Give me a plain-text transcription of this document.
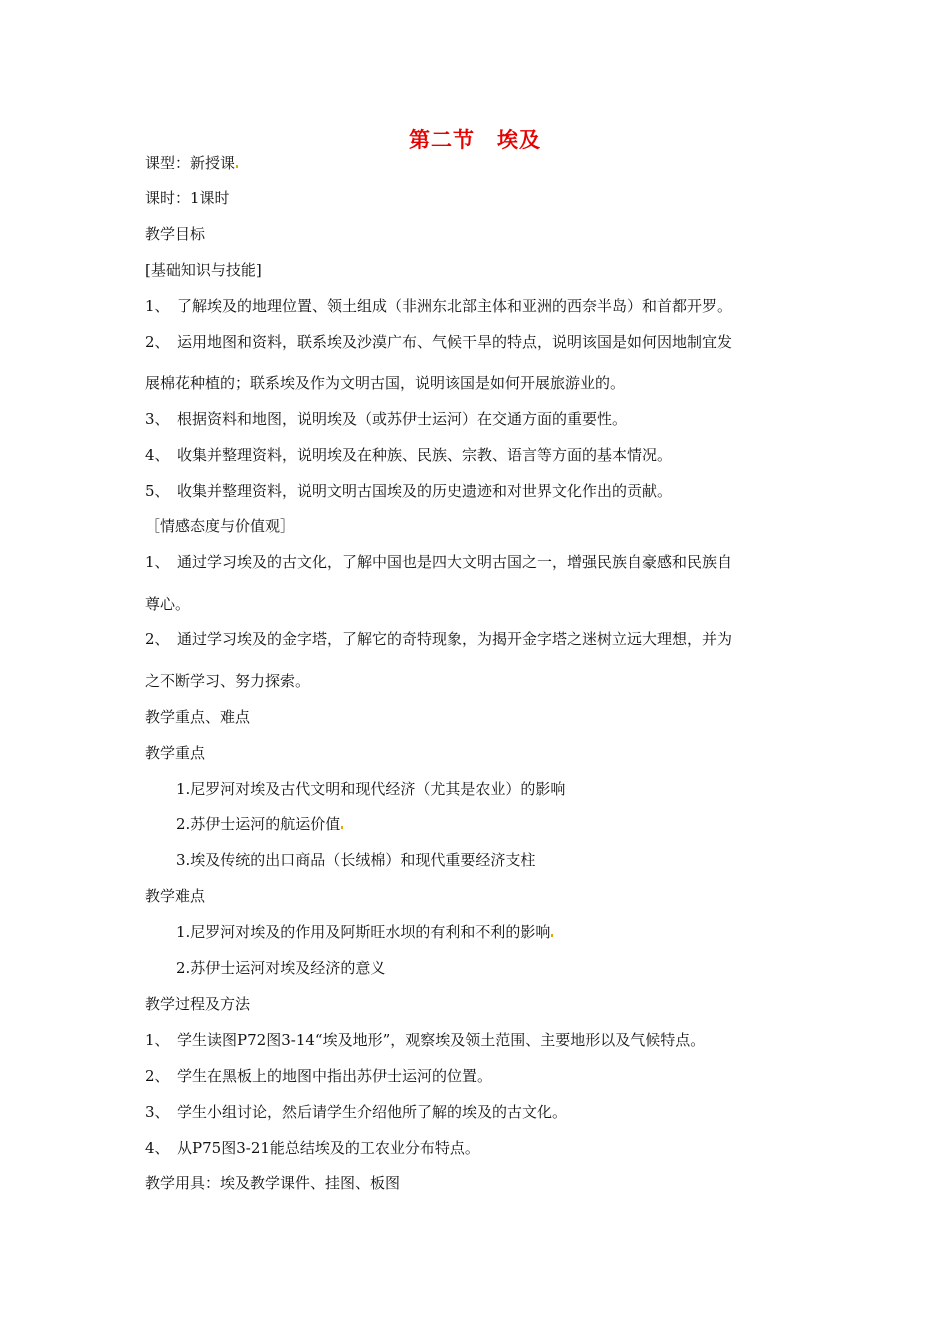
第二节　埃及
课型：新授课
课时：1课时
教学目标
[基础知识与技能]
1、　了解埃及的地理位置、领土组成（非洲东北部主体和亚洲的西奈半岛）和首都开罗。
2、　运用地图和资料，联系埃及沙漠广布、气候干旱的特点，说明该国是如何因地制宜发
展棉花种植的；联系埃及作为文明古国，说明该国是如何开展旅游业的。
3、　根据资料和地图，说明埃及（或苏伊士运河）在交通方面的重要性。
4、　收集并整理资料，说明埃及在种族、民族、宗教、语言等方面的基本情况。
5、　收集并整理资料，说明文明古国埃及的历史遗迹和对世界文化作出的贡献。
［情感态度与价值观］
1、　通过学习埃及的古文化，了解中国也是四大文明古国之一，增强民族自豪感和民族自
尊心。
2、　通过学习埃及的金字塔，了解它的奇特现象，为揭开金字塔之迷树立远大理想，并为
之不断学习、努力探索。
教学重点、难点
教学重点
1.尼罗河对埃及古代文明和现代经济（尤其是农业）的影响
2.苏伊士运河的航运价值
3.埃及传统的出口商品（长绒棉）和现代重要经济支柱
教学难点
1.尼罗河对埃及的作用及阿斯旺水坝的有利和不利的影响
2.苏伊士运河对埃及经济的意义
教学过程及方法
1、　学生读图P72图3-14“埃及地形”，观察埃及领土范围、主要地形以及气候特点。
2、　学生在黑板上的地图中指出苏伊士运河的位置。
3、　学生小组讨论，然后请学生介绍他所了解的埃及的古文化。
4、　从P75图3-21能总结埃及的工农业分布特点。
教学用具：埃及教学课件、挂图、板图
